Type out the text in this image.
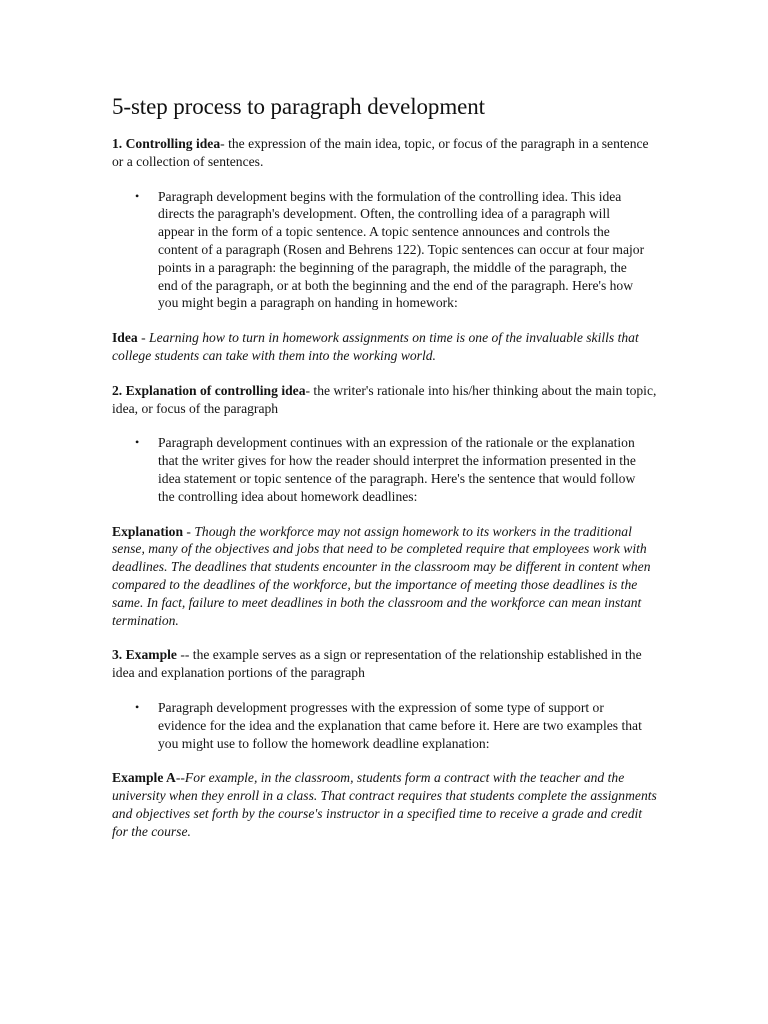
5-step process to paragraph development

1. Controlling idea- the expression of the main idea, topic, or focus of the paragraph in a sentence or a collection of sentences.

• Paragraph development begins with the formulation of the controlling idea. This idea directs the paragraph's development. Often, the controlling idea of a paragraph will appear in the form of a topic sentence. A topic sentence announces and controls the content of a paragraph (Rosen and Behrens 122). Topic sentences can occur at four major points in a paragraph: the beginning of the paragraph, the middle of the paragraph, the end of the paragraph, or at both the beginning and the end of the paragraph. Here's how you might begin a paragraph on handing in homework:

Idea - Learning how to turn in homework assignments on time is one of the invaluable skills that college students can take with them into the working world.

2. Explanation of controlling idea- the writer's rationale into his/her thinking about the main topic, idea, or focus of the paragraph

• Paragraph development continues with an expression of the rationale or the explanation that the writer gives for how the reader should interpret the information presented in the idea statement or topic sentence of the paragraph. Here's the sentence that would follow the controlling idea about homework deadlines:

Explanation - Though the workforce may not assign homework to its workers in the traditional sense, many of the objectives and jobs that need to be completed require that employees work with deadlines. The deadlines that students encounter in the classroom may be different in content when compared to the deadlines of the workforce, but the importance of meeting those deadlines is the same. In fact, failure to meet deadlines in both the classroom and the workforce can mean instant termination.

3. Example -- the example serves as a sign or representation of the relationship established in the idea and explanation portions of the paragraph

• Paragraph development progresses with the expression of some type of support or evidence for the idea and the explanation that came before it. Here are two examples that you might use to follow the homework deadline explanation:

Example A--For example, in the classroom, students form a contract with the teacher and the university when they enroll in a class. That contract requires that students complete the assignments and objectives set forth by the course's instructor in a specified time to receive a grade and credit for the course.
